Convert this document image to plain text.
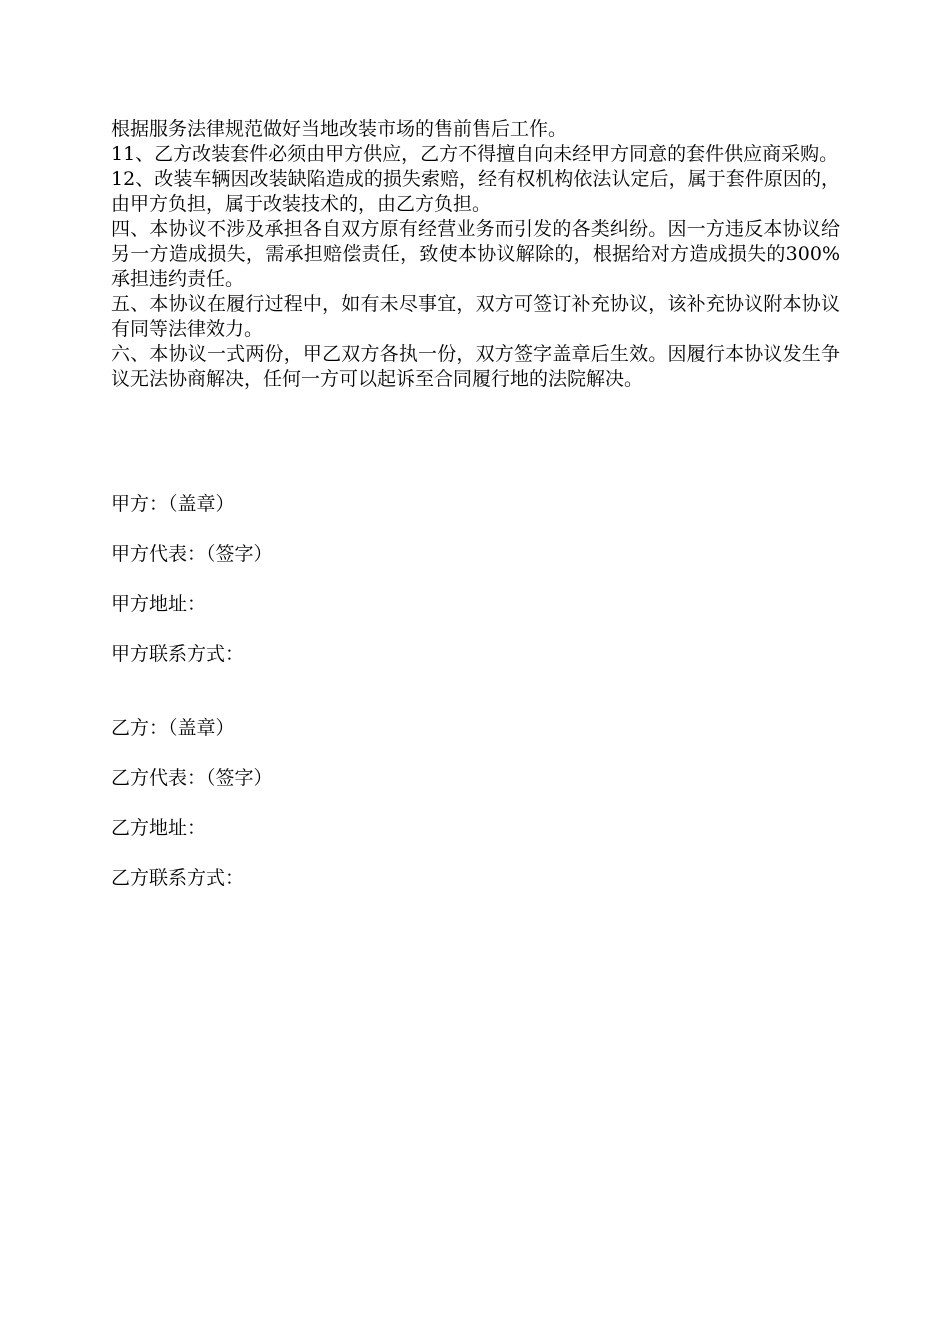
根据服务法律规范做好当地改装市场的售前售后工作。

11、乙方改装套件必须由甲方供应，乙方不得擅自向未经甲方同意的套件供应商采购。

12、改装车辆因改装缺陷造成的损失索赔，经有权机构依法认定后，属于套件原因的，由甲方负担，属于改装技术的，由乙方负担。

四、本协议不涉及承担各自双方原有经营业务而引发的各类纠纷。因一方违反本协议给另一方造成损失，需承担赔偿责任，致使本协议解除的，根据给对方造成损失的300%承担违约责任。

五、本协议在履行过程中，如有未尽事宜，双方可签订补充协议，该补充协议附本协议有同等法律效力。

六、本协议一式两份，甲乙双方各执一份，双方签字盖章后生效。因履行本协议发生争议无法协商解决，任何一方可以起诉至合同履行地的法院解决。

甲方：（盖章）
甲方代表：（签字）
甲方地址：
甲方联系方式：
乙方：（盖章）
乙方代表：（签字）
乙方地址：
乙方联系方式：
